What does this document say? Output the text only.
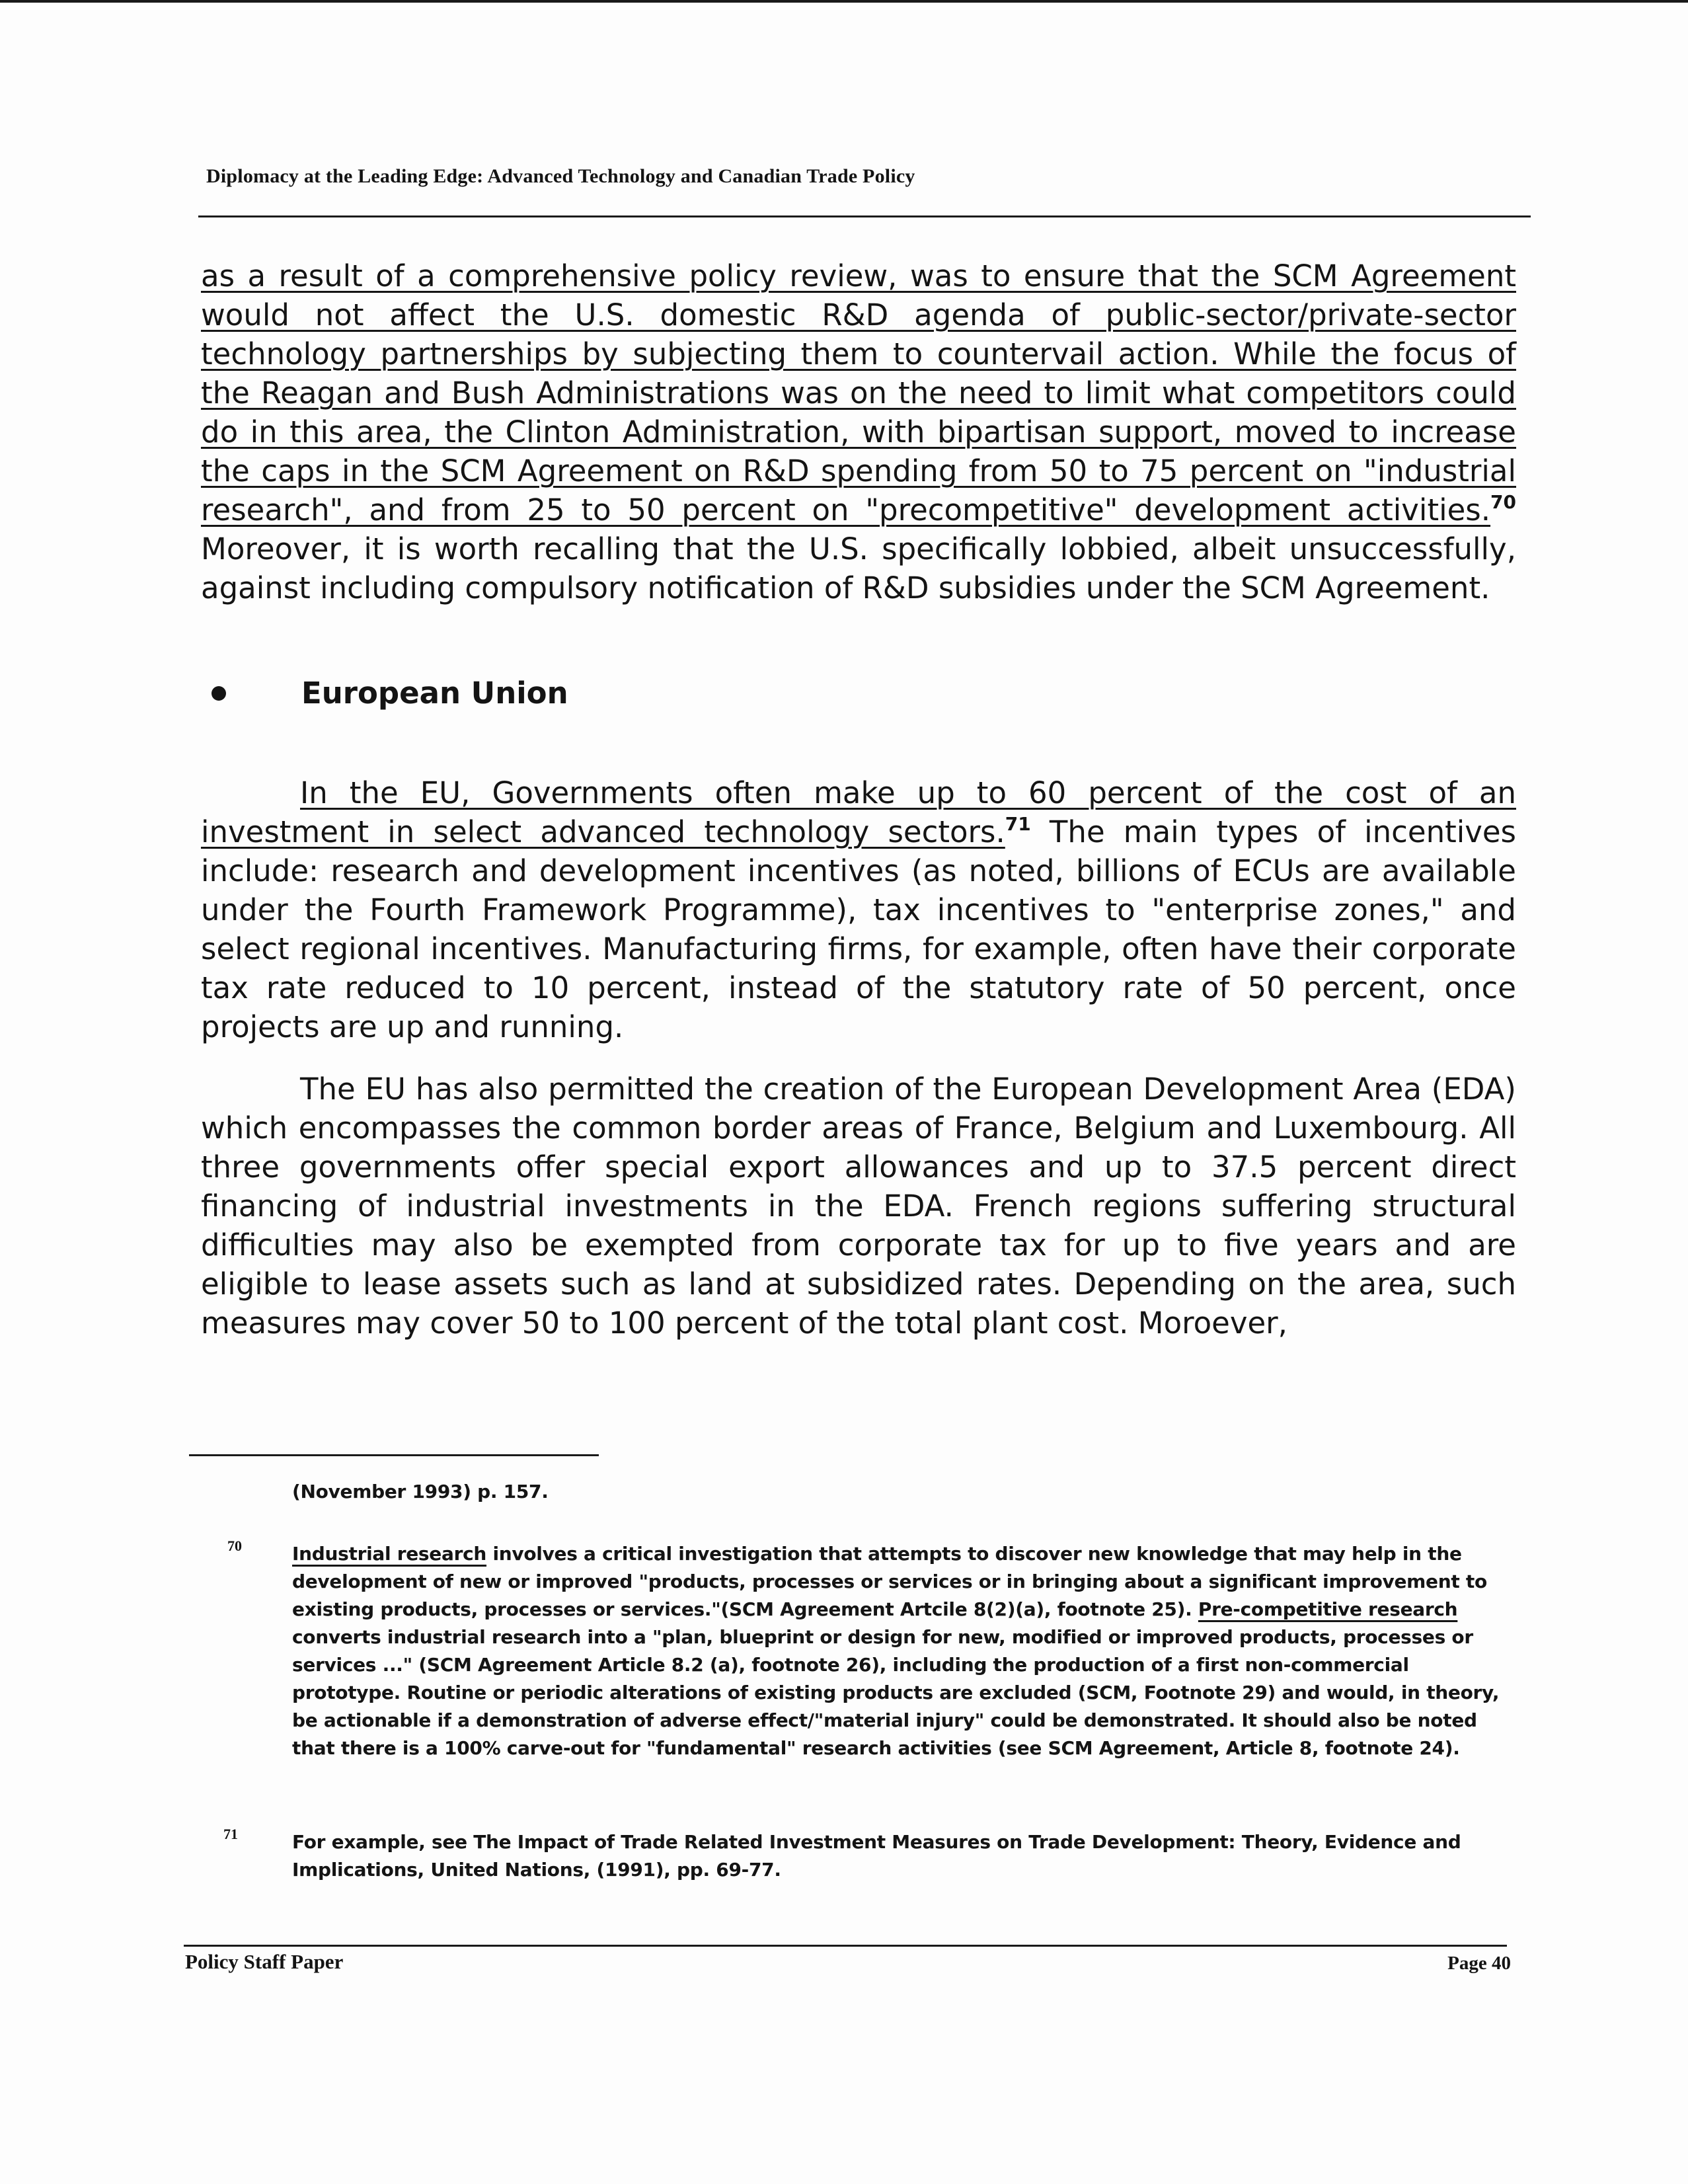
Diplomacy at the Leading Edge: Advanced Technology and Canadian Trade Policy

as a result of a comprehensive policy review, was to ensure that the SCM Agreement would not affect the U.S. domestic R&D agenda of public-sector/private-sector technology partnerships by subjecting them to countervail action. While the focus of the Reagan and Bush Administrations was on the need to limit what competitors could do in this area, the Clinton Administration, with bipartisan support, moved to increase the caps in the SCM Agreement on R&D spending from 50 to 75 percent on "industrial research", and from 25 to 50 percent on "precompetitive" development activities.$^{70}$ Moreover, it is worth recalling that the U.S. specifically lobbied, albeit unsuccessfully, against including compulsory notification of R&D subsidies under the SCM Agreement.

European Union

In the EU, Governments often make up to 60 percent of the cost of an investment in select advanced technology sectors.$^{71}$ The main types of incentives include: research and development incentives (as noted, billions of ECUs are available under the Fourth Framework Programme), tax incentives to "enterprise zones," and select regional incentives. Manufacturing firms, for example, often have their corporate tax rate reduced to 10 percent, instead of the statutory rate of 50 percent, once projects are up and running.

The EU has also permitted the creation of the European Development Area (EDA) which encompasses the common border areas of France, Belgium and Luxembourg. All three governments offer special export allowances and up to 37.5 percent direct financing of industrial investments in the EDA. French regions suffering structural difficulties may also be exempted from corporate tax for up to five years and are eligible to lease assets such as land at subsidized rates. Depending on the area, such measures may cover 50 to 100 percent of the total plant cost. Moroever,

(November 1993) p. 157.

70	Industrial research involves a critical investigation that attempts to discover new knowledge that may help in the development of new or improved "products, processes or services or in bringing about a significant improvement to existing products, processes or services."(SCM Agreement Artcile 8(2)(a), footnote 25). Pre-competitive research converts industrial research into a "plan, blueprint or design for new, modified or improved products, processes or services ..." (SCM Agreement Article 8.2 (a), footnote 26), including the production of a first non-commercial prototype. Routine or periodic alterations of existing products are excluded (SCM, Footnote 29) and would, in theory, be actionable if a demonstration of adverse effect/"material injury" could be demonstrated. It should also be noted that there is a 100% carve-out for "fundamental" research activities (see SCM Agreement, Article 8, footnote 24).

71	For example, see The Impact of Trade Related Investment Measures on Trade Development: Theory, Evidence and Implications, United Nations, (1991), pp. 69-77.

Policy Staff Paper	Page 40
